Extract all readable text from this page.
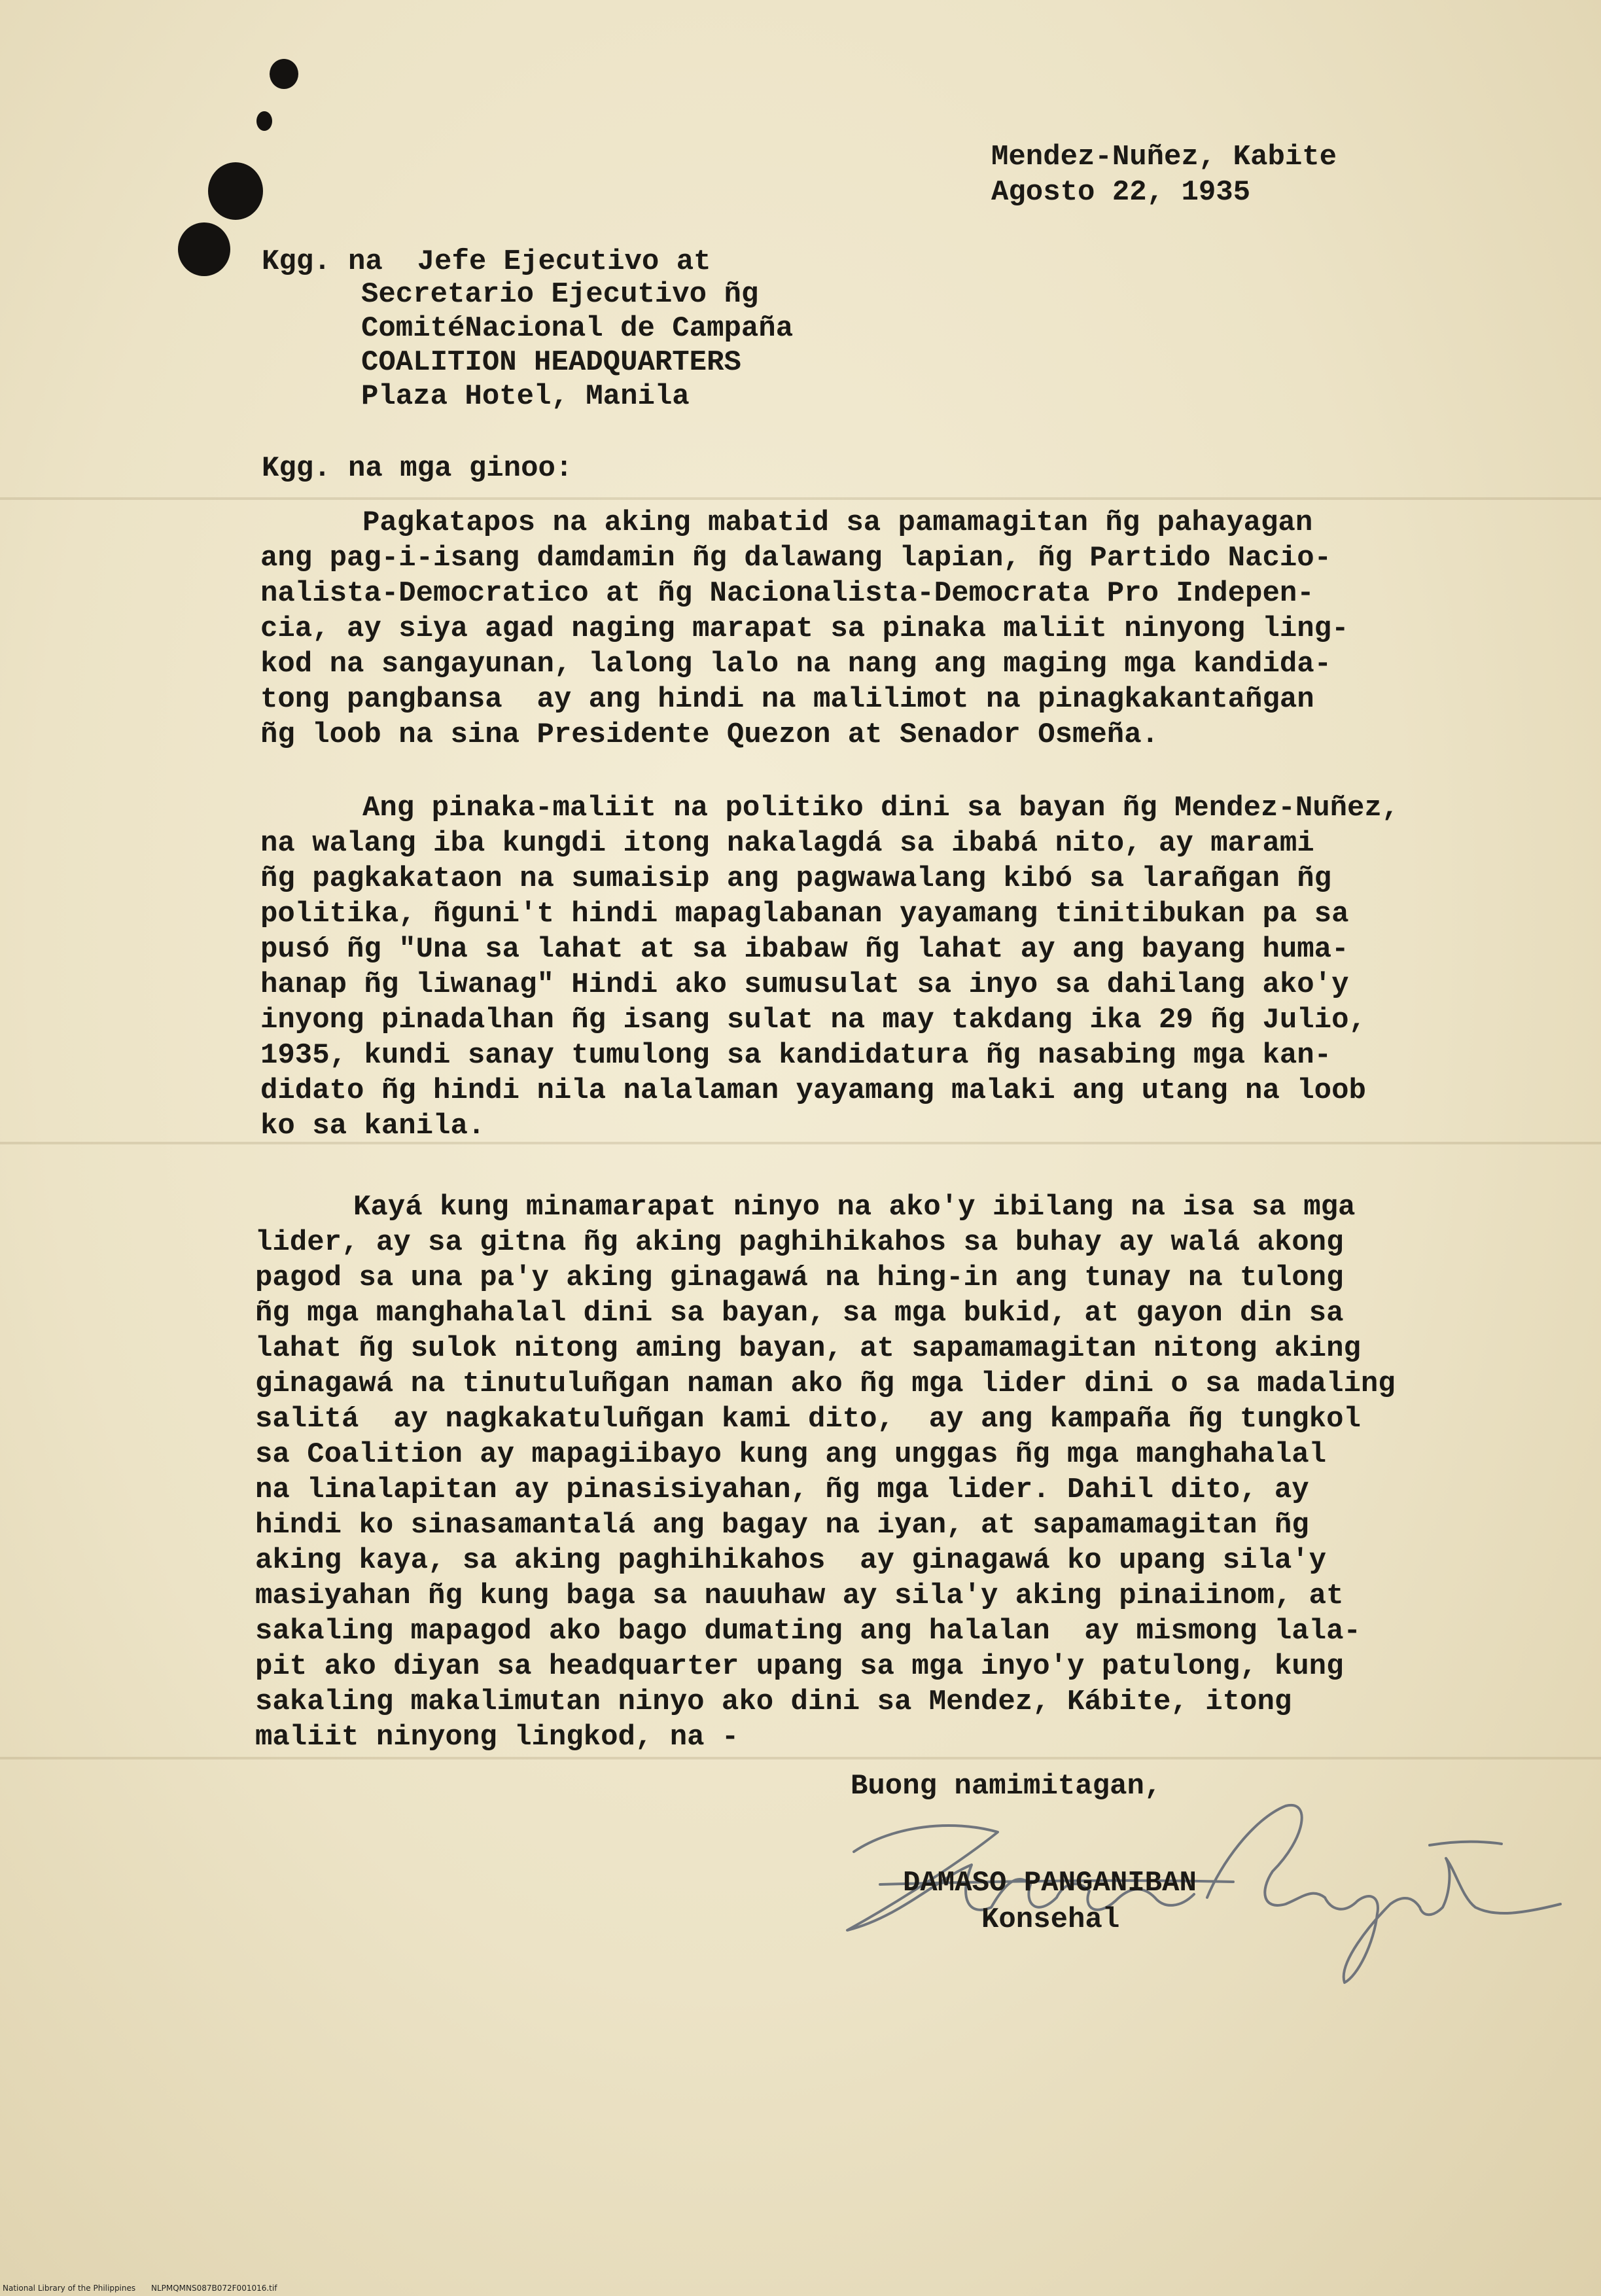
Mendez-Nuñez, Kabite
Agosto 22, 1935
Kgg. na  Jefe Ejecutivo at
Secretario Ejecutivo ñg
ComitéNacional de Campaña
COALITION HEADQUARTERS
Plaza Hotel, Manila
Kgg. na mga ginoo:
Pagkatapos na aking mabatid sa pamamagitan ñg pahayagan
ang pag-i-isang damdamin ñg dalawang lapian, ñg Partido Nacio-
nalista-Democratico at ñg Nacionalista-Democrata Pro Indepen-
cia, ay siya agad naging marapat sa pinaka maliit ninyong ling-
kod na sangayunan, lalong lalo na nang ang maging mga kandida-
tong pangbansa  ay ang hindi na malilimot na pinagkakantañgan
ñg loob na sina Presidente Quezon at Senador Osmeña.
Ang pinaka-maliit na politiko dini sa bayan ñg Mendez-Nuñez,
na walang iba kungdi itong nakalagdá sa ibabá nito, ay marami
ñg pagkakataon na sumaisip ang pagwawalang kibó sa larañgan ñg
politika, ñguni't hindi mapaglabanan yayamang tinitibukan pa sa
pusó ñg "Una sa lahat at sa ibabaw ñg lahat ay ang bayang huma-
hanap ñg liwanag" Hindi ako sumusulat sa inyo sa dahilang ako'y
inyong pinadalhan ñg isang sulat na may takdang ika 29 ñg Julio,
1935, kundi sanay tumulong sa kandidatura ñg nasabing mga kan-
didato ñg hindi nila nalalaman yayamang malaki ang utang na loob
ko sa kanila.
Kayá kung minamarapat ninyo na ako'y ibilang na isa sa mga
lider, ay sa gitna ñg aking paghihikahos sa buhay ay walá akong
pagod sa una pa'y aking ginagawá na hing-in ang tunay na tulong
ñg mga manghahalal dini sa bayan, sa mga bukid, at gayon din sa
lahat ñg sulok nitong aming bayan, at sapamamagitan nitong aking
ginagawá na tinutuluñgan naman ako ñg mga lider dini o sa madaling
salitá  ay nagkakatuluñgan kami dito,  ay ang kampaña ñg tungkol
sa Coalition ay mapagiibayo kung ang unggas ñg mga manghahalal
na linalapitan ay pinasisiyahan, ñg mga lider. Dahil dito, ay
hindi ko sinasamantalá ang bagay na iyan, at sapamamagitan ñg
aking kaya, sa aking paghihikahos  ay ginagawá ko upang sila'y
masiyahan ñg kung baga sa nauuhaw ay sila'y aking pinaiinom, at
sakaling mapagod ako bago dumating ang halalan  ay mismong lala-
pit ako diyan sa headquarter upang sa mga inyo'y patulong, kung
sakaling makalimutan ninyo ako dini sa Mendez, Kábite, itong
maliit ninyong lingkod, na -
Buong namimitagan,
DAMASO PANGANIBAN
Konsehal
National Library of the Philippines NLPMQMNS087B072F001016.tif
